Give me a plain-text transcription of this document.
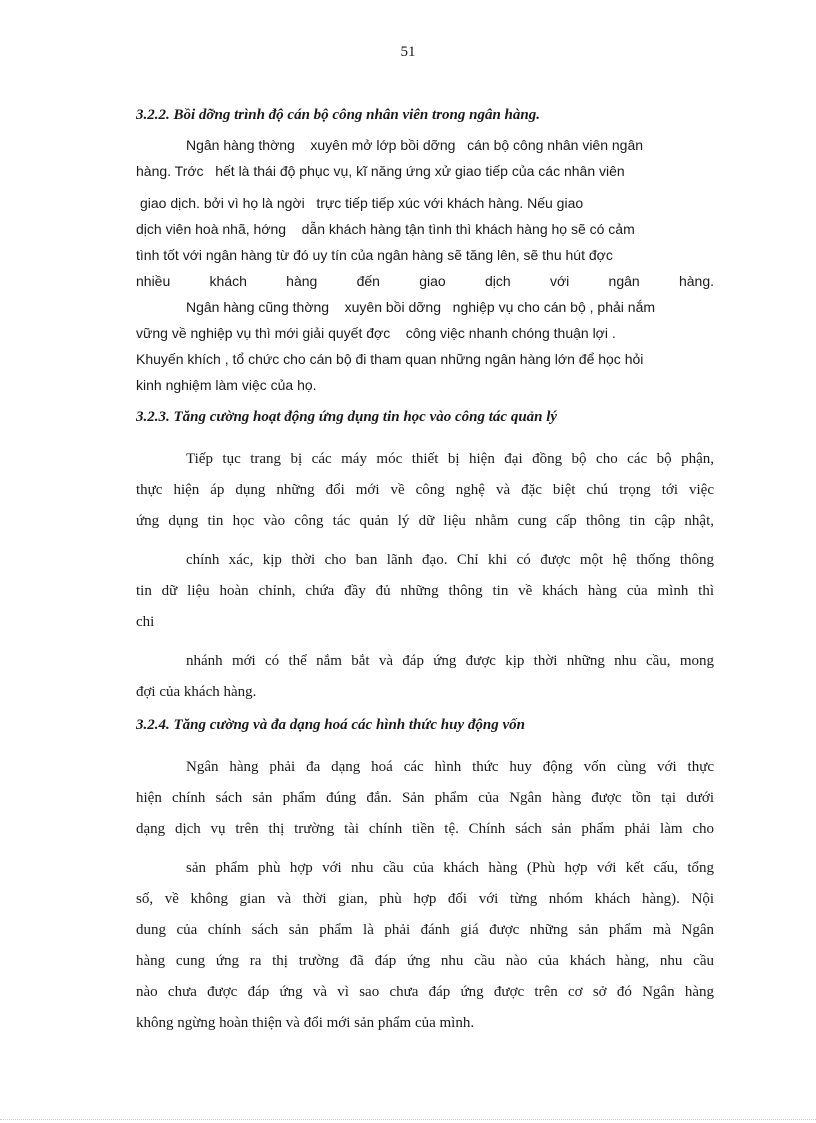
51
3.2.2. Bồi dỡng trình độ cán bộ công nhân viên trong ngân hàng.
Ngân hàng thờng    xuyên mở lớp bồi dỡng   cán bộ công nhân viên ngân
hàng. Trớc   hết là thái độ phục vụ, kĩ năng ứng xử giao tiếp của các nhân viên
giao dịch. bởi vì họ là ngời   trực tiếp tiếp xúc với khách hàng. Nếu giao
dịch viên hoà nhã, hớng    dẫn khách hàng tận tình thì khách hàng họ sẽ có cảm
tình tốt với ngân hàng từ đó uy tín của ngân hàng sẽ tăng lên, sẽ thu hút đợc
nhiều khách hàng đến giao dịch với ngân hàng.
Ngân hàng cũng thờng    xuyên bồi dỡng   nghiệp vụ cho cán bộ , phải nắm
vững về nghiệp vụ thì mới giải quyết đợc    công việc nhanh chóng thuận lợi .
Khuyến khích , tổ chức cho cán bộ đi tham quan những ngân hàng lớn để học hỏi
kinh nghiệm làm việc của họ.
3.2.3. Tăng cường hoạt động ứng dụng tin học vào công tác quản lý
Tiếp tục trang bị các máy móc thiết bị hiện đại đồng bộ cho các bộ phận,
thực hiện áp dụng những đổi mới về công nghệ và đặc biệt chú trọng tới việc
ứng dụng tin học vào công tác quản lý dữ liệu nhằm cung cấp thông tin cập nhật,
chính xác, kịp thời cho ban lãnh đạo. Chỉ khi có được một hệ thống thông
tin dữ liệu hoàn chỉnh, chứa đầy đủ những thông tin về khách hàng của mình thì
chi
nhánh mới có thể nắm bắt và đáp ứng được kịp thời những nhu cầu, mong
đợi của khách hàng.
3.2.4. Tăng cường và đa dạng hoá các hình thức huy động vốn
Ngân hàng phải đa dạng hoá các hình thức huy động vốn cùng với thực
hiện chính sách sản phẩm đúng đắn. Sản phẩm của Ngân hàng được tồn tại dưới
dạng dịch vụ trên thị trường tài chính tiền tệ. Chính sách sản phẩm phải làm cho
sản phẩm phù hợp với nhu cầu của khách hàng (Phù hợp với kết cấu, tổng
số, về không gian và thời gian, phù hợp đối với từng nhóm khách hàng). Nội
dung của chính sách sản phẩm là phải đánh giá được những sản phẩm mà Ngân
hàng cung ứng ra thị trường đã đáp ứng nhu cầu nào của khách hàng, nhu cầu
nào chưa được đáp ứng và vì sao chưa đáp ứng được trên cơ sở đó Ngân hàng
không ngừng hoàn thiện và đổi mới sản phẩm của mình.
